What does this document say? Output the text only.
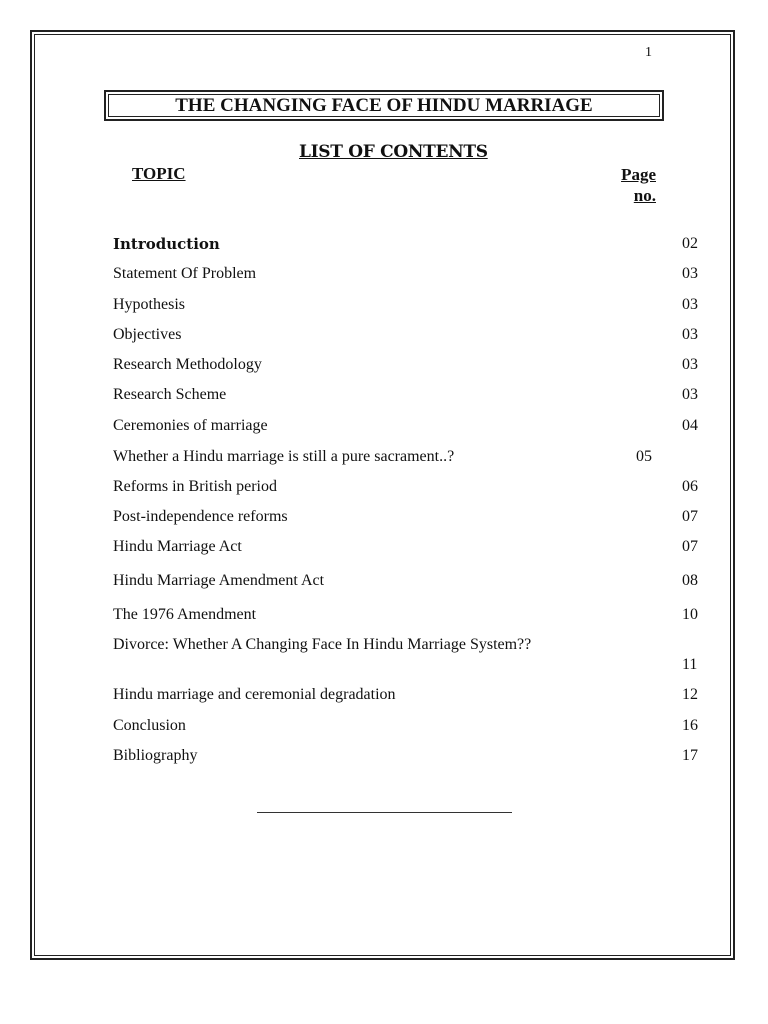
1
THE CHANGING FACE OF HINDU MARRIAGE
LIST OF CONTENTS
TOPIC	Page
no.
Introduction	02
Statement Of Problem	03
Hypothesis	03
Objectives	03
Research Methodology	03
Research Scheme	03
Ceremonies of marriage	04
Whether a Hindu marriage is still a pure sacrament..?	05
Reforms in British period	06
Post-independence reforms	07
Hindu Marriage Act	07
Hindu Marriage Amendment Act	08
The 1976 Amendment	10
Divorce: Whether A Changing Face In Hindu Marriage System??
11
Hindu marriage and ceremonial degradation	12
Conclusion	16
Bibliography	17
